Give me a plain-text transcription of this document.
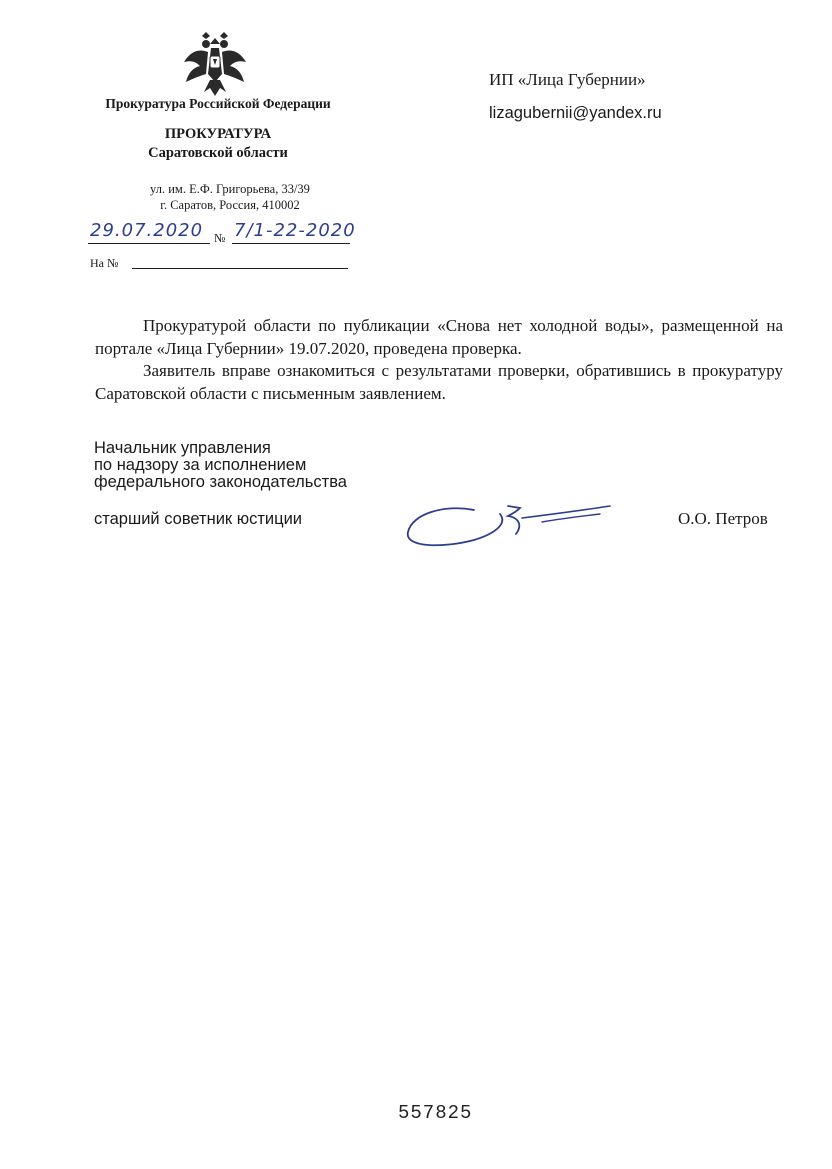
Прокуратура Российской Федерации
ПРОКУРАТУРА
Саратовской области
ул. им. Е.Ф. Григорьева, 33/39
г. Саратов, Россия, 410002
29.07.2020 № 7/1-22-2020
На №
ИП «Лица Губернии»
lizagubernii@yandex.ru
Прокуратурой области по публикации «Снова нет холодной воды», размещенной на портале «Лица Губернии» 19.07.2020, проведена проверка.
Заявитель вправе ознакомиться с результатами проверки, обратившись в прокуратуру Саратовской области с письменным заявлением.
Начальник управления
по надзору за исполнением
федерального законодательства
старший советник юстиции	О.О. Петров
557825
